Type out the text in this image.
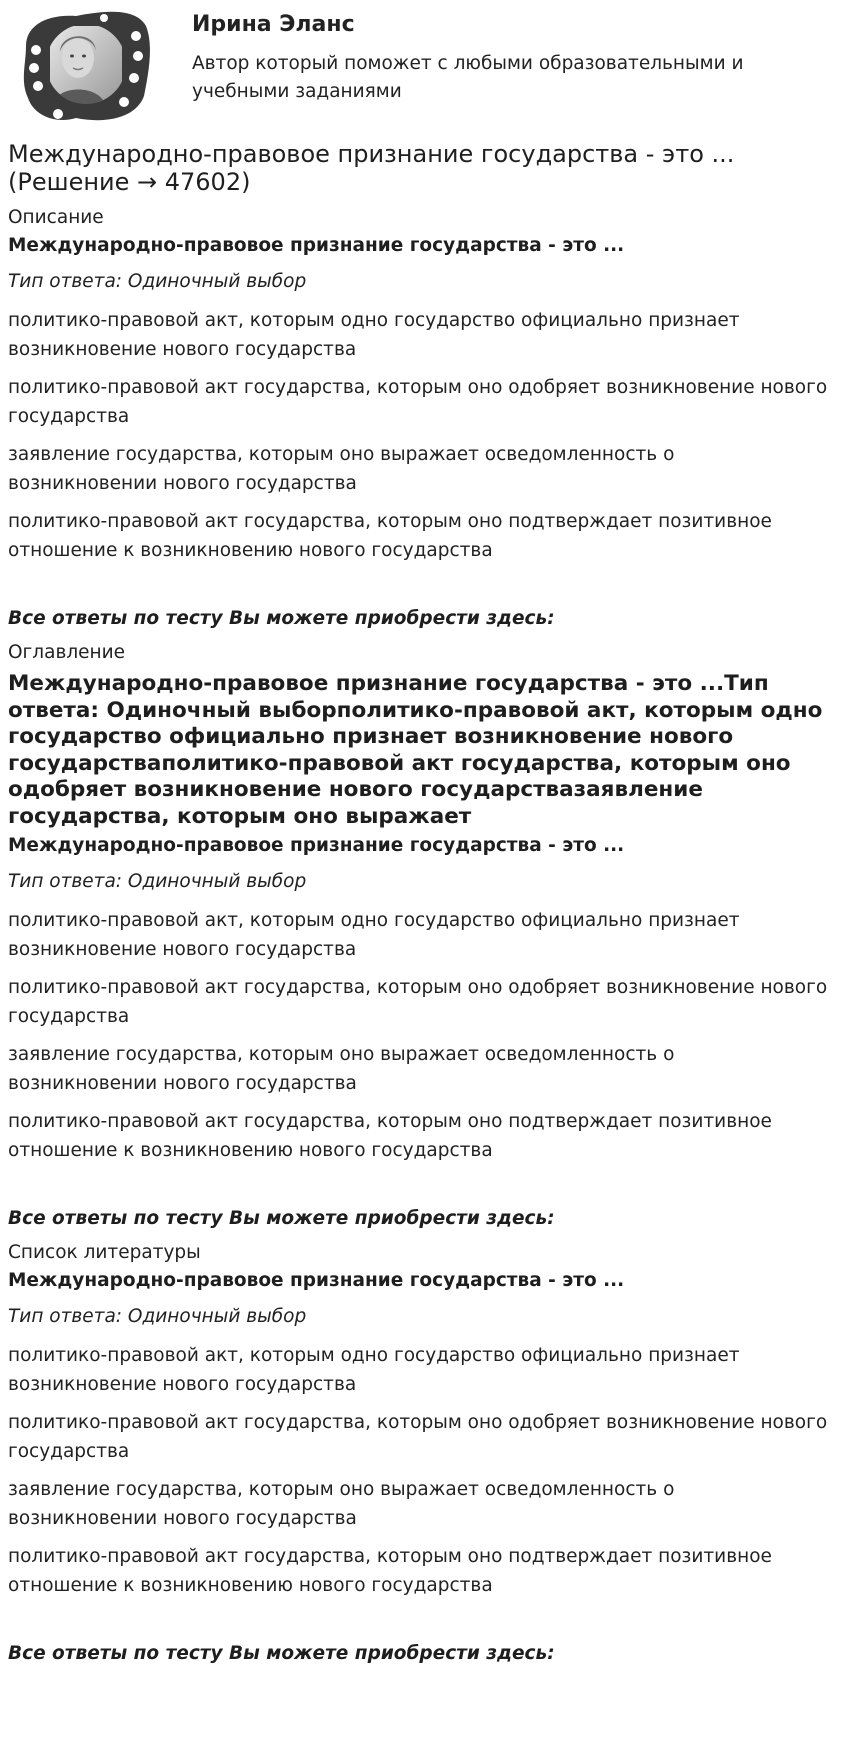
Ирина Эланс
Автор который поможет с любыми образовательными и учебными заданиями
Международно-правовое признание государства - это ... (Решение → 47602)
Описание
Международно-правовое признание государства - это ...
Тип ответа: Одиночный выбор
политико-правовой акт, которым одно государство официально признает возникновение нового государства
политико-правовой акт государства, которым оно одобряет возникновение нового государства
заявление государства, которым оно выражает осведомленность о возникновении нового государства
политико-правовой акт государства, которым оно подтверждает позитивное отношение к возникновению нового государства
Все ответы по тесту Вы можете приобрести здесь:
Оглавление
Международно-правовое признание государства - это ...Тип ответа: Одиночный выборполитико-правовой акт, которым одно государство официально признает возникновение нового государстваполитико-правовой акт государства, которым оно одобряет возникновение нового государствазаявление государства, которым оно выражает
Международно-правовое признание государства - это ...
Тип ответа: Одиночный выбор
политико-правовой акт, которым одно государство официально признает возникновение нового государства
политико-правовой акт государства, которым оно одобряет возникновение нового государства
заявление государства, которым оно выражает осведомленность о возникновении нового государства
политико-правовой акт государства, которым оно подтверждает позитивное отношение к возникновению нового государства
Все ответы по тесту Вы можете приобрести здесь:
Список литературы
Международно-правовое признание государства - это ...
Тип ответа: Одиночный выбор
политико-правовой акт, которым одно государство официально признает возникновение нового государства
политико-правовой акт государства, которым оно одобряет возникновение нового государства
заявление государства, которым оно выражает осведомленность о возникновении нового государства
политико-правовой акт государства, которым оно подтверждает позитивное отношение к возникновению нового государства
Все ответы по тесту Вы можете приобрести здесь:
